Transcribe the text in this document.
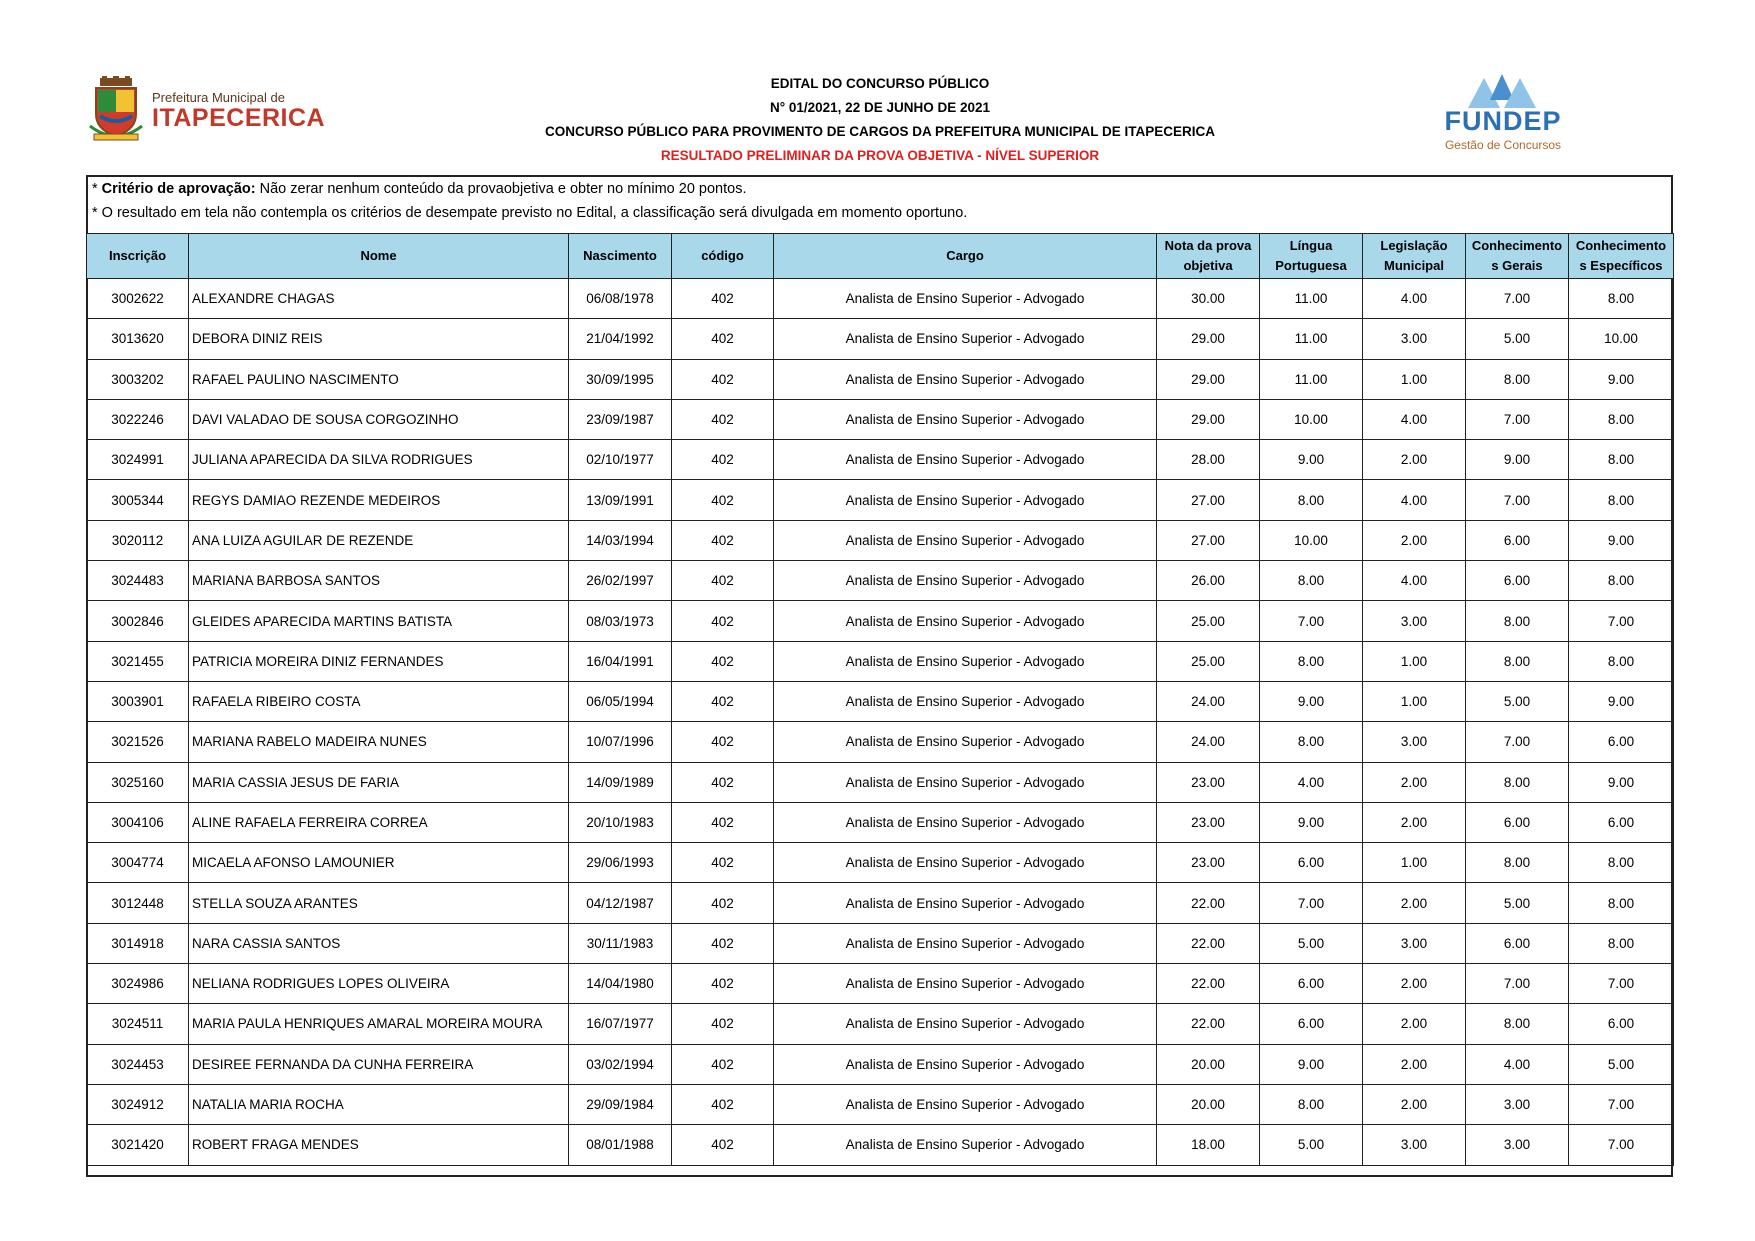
Prefeitura Municipal de
ITAPECERICA
EDITAL DO CONCURSO PÚBLICO
N° 01/2021, 22 DE JUNHO DE 2021
CONCURSO PÚBLICO PARA PROVIMENTO DE CARGOS DA PREFEITURA MUNICIPAL DE ITAPECERICA
RESULTADO PRELIMINAR DA PROVA OBJETIVA - NÍVEL SUPERIOR
FUNDEP
Gestão de Concursos
* Critério de aprovação: Não zerar nenhum conteúdo da provaobjetiva e obter no mínimo 20 pontos.
* O resultado em tela não contempla os critérios de desempate previsto no Edital, a classificação será divulgada em momento oportuno.
Inscrição	Nome	Nascimento	código	Cargo	Nota da prova objetiva	Língua Portuguesa	Legislação Municipal	Conhecimento s Gerais	Conhecimento s Específicos
3002622	ALEXANDRE CHAGAS	06/08/1978	402	Analista de Ensino Superior - Advogado	30.00	11.00	4.00	7.00	8.00
3013620	DEBORA DINIZ REIS	21/04/1992	402	Analista de Ensino Superior - Advogado	29.00	11.00	3.00	5.00	10.00
3003202	RAFAEL PAULINO NASCIMENTO	30/09/1995	402	Analista de Ensino Superior - Advogado	29.00	11.00	1.00	8.00	9.00
3022246	DAVI VALADAO DE SOUSA CORGOZINHO	23/09/1987	402	Analista de Ensino Superior - Advogado	29.00	10.00	4.00	7.00	8.00
3024991	JULIANA APARECIDA DA SILVA RODRIGUES	02/10/1977	402	Analista de Ensino Superior - Advogado	28.00	9.00	2.00	9.00	8.00
3005344	REGYS DAMIAO REZENDE MEDEIROS	13/09/1991	402	Analista de Ensino Superior - Advogado	27.00	8.00	4.00	7.00	8.00
3020112	ANA LUIZA AGUILAR DE REZENDE	14/03/1994	402	Analista de Ensino Superior - Advogado	27.00	10.00	2.00	6.00	9.00
3024483	MARIANA BARBOSA SANTOS	26/02/1997	402	Analista de Ensino Superior - Advogado	26.00	8.00	4.00	6.00	8.00
3002846	GLEIDES APARECIDA MARTINS BATISTA	08/03/1973	402	Analista de Ensino Superior - Advogado	25.00	7.00	3.00	8.00	7.00
3021455	PATRICIA MOREIRA DINIZ FERNANDES	16/04/1991	402	Analista de Ensino Superior - Advogado	25.00	8.00	1.00	8.00	8.00
3003901	RAFAELA RIBEIRO COSTA	06/05/1994	402	Analista de Ensino Superior - Advogado	24.00	9.00	1.00	5.00	9.00
3021526	MARIANA RABELO MADEIRA NUNES	10/07/1996	402	Analista de Ensino Superior - Advogado	24.00	8.00	3.00	7.00	6.00
3025160	MARIA CASSIA JESUS DE FARIA	14/09/1989	402	Analista de Ensino Superior - Advogado	23.00	4.00	2.00	8.00	9.00
3004106	ALINE RAFAELA FERREIRA CORREA	20/10/1983	402	Analista de Ensino Superior - Advogado	23.00	9.00	2.00	6.00	6.00
3004774	MICAELA AFONSO LAMOUNIER	29/06/1993	402	Analista de Ensino Superior - Advogado	23.00	6.00	1.00	8.00	8.00
3012448	STELLA SOUZA ARANTES	04/12/1987	402	Analista de Ensino Superior - Advogado	22.00	7.00	2.00	5.00	8.00
3014918	NARA CASSIA SANTOS	30/11/1983	402	Analista de Ensino Superior - Advogado	22.00	5.00	3.00	6.00	8.00
3024986	NELIANA RODRIGUES LOPES OLIVEIRA	14/04/1980	402	Analista de Ensino Superior - Advogado	22.00	6.00	2.00	7.00	7.00
3024511	MARIA PAULA HENRIQUES AMARAL MOREIRA MOURA	16/07/1977	402	Analista de Ensino Superior - Advogado	22.00	6.00	2.00	8.00	6.00
3024453	DESIREE FERNANDA DA CUNHA FERREIRA	03/02/1994	402	Analista de Ensino Superior - Advogado	20.00	9.00	2.00	4.00	5.00
3024912	NATALIA MARIA ROCHA	29/09/1984	402	Analista de Ensino Superior - Advogado	20.00	8.00	2.00	3.00	7.00
3021420	ROBERT FRAGA MENDES	08/01/1988	402	Analista de Ensino Superior - Advogado	18.00	5.00	3.00	3.00	7.00
